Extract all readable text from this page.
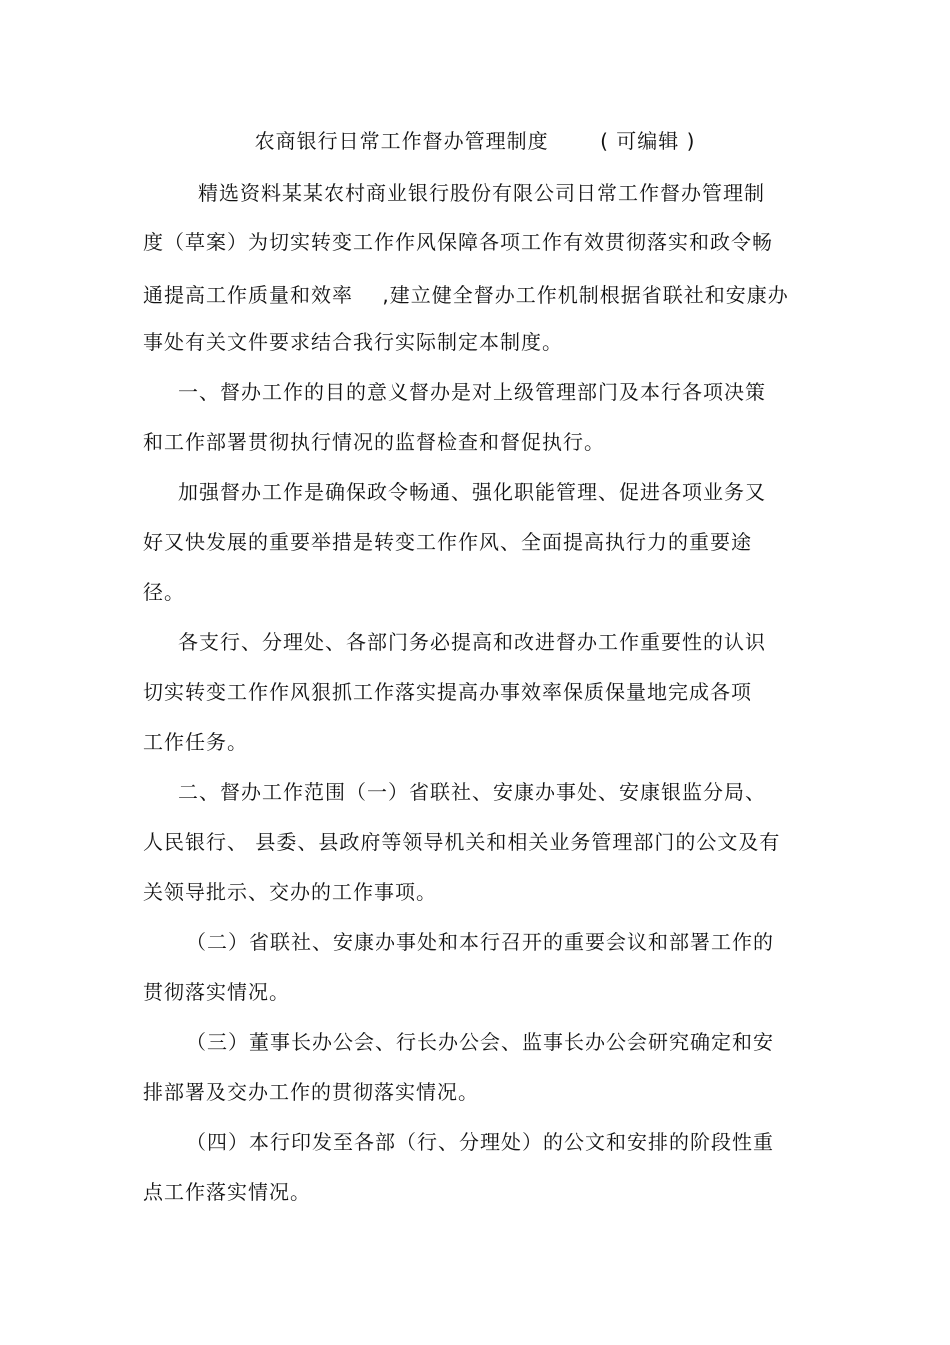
农商银行日常工作督办管理制度       ( 可编辑 )
精选资料某某农村商业银行股份有限公司日常工作督办管理制
度（草案）为切实转变工作作风保障各项工作有效贯彻落实和政令畅
通提高工作质量和效率    ,建立健全督办工作机制根据省联社和安康办
事处有关文件要求结合我行实际制定本制度。
一、督办工作的目的意义督办是对上级管理部门及本行各项决策
和工作部署贯彻执行情况的监督检查和督促执行。
加强督办工作是确保政令畅通、强化职能管理、促进各项业务又
好又快发展的重要举措是转变工作作风、全面提高执行力的重要途
径。
各支行、分理处、各部门务必提高和改进督办工作重要性的认识
切实转变工作作风狠抓工作落实提高办事效率保质保量地完成各项
工作任务。
二、督办工作范围（一）省联社、安康办事处、安康银监分局、
人民银行、 县委、县政府等领导机关和相关业务管理部门的公文及有
关领导批示、交办的工作事项。
（二）省联社、安康办事处和本行召开的重要会议和部署工作的
贯彻落实情况。
（三）董事长办公会、行长办公会、监事长办公会研究确定和安
排部署及交办工作的贯彻落实情况。
（四）本行印发至各部（行、分理处）的公文和安排的阶段性重
点工作落实情况。
